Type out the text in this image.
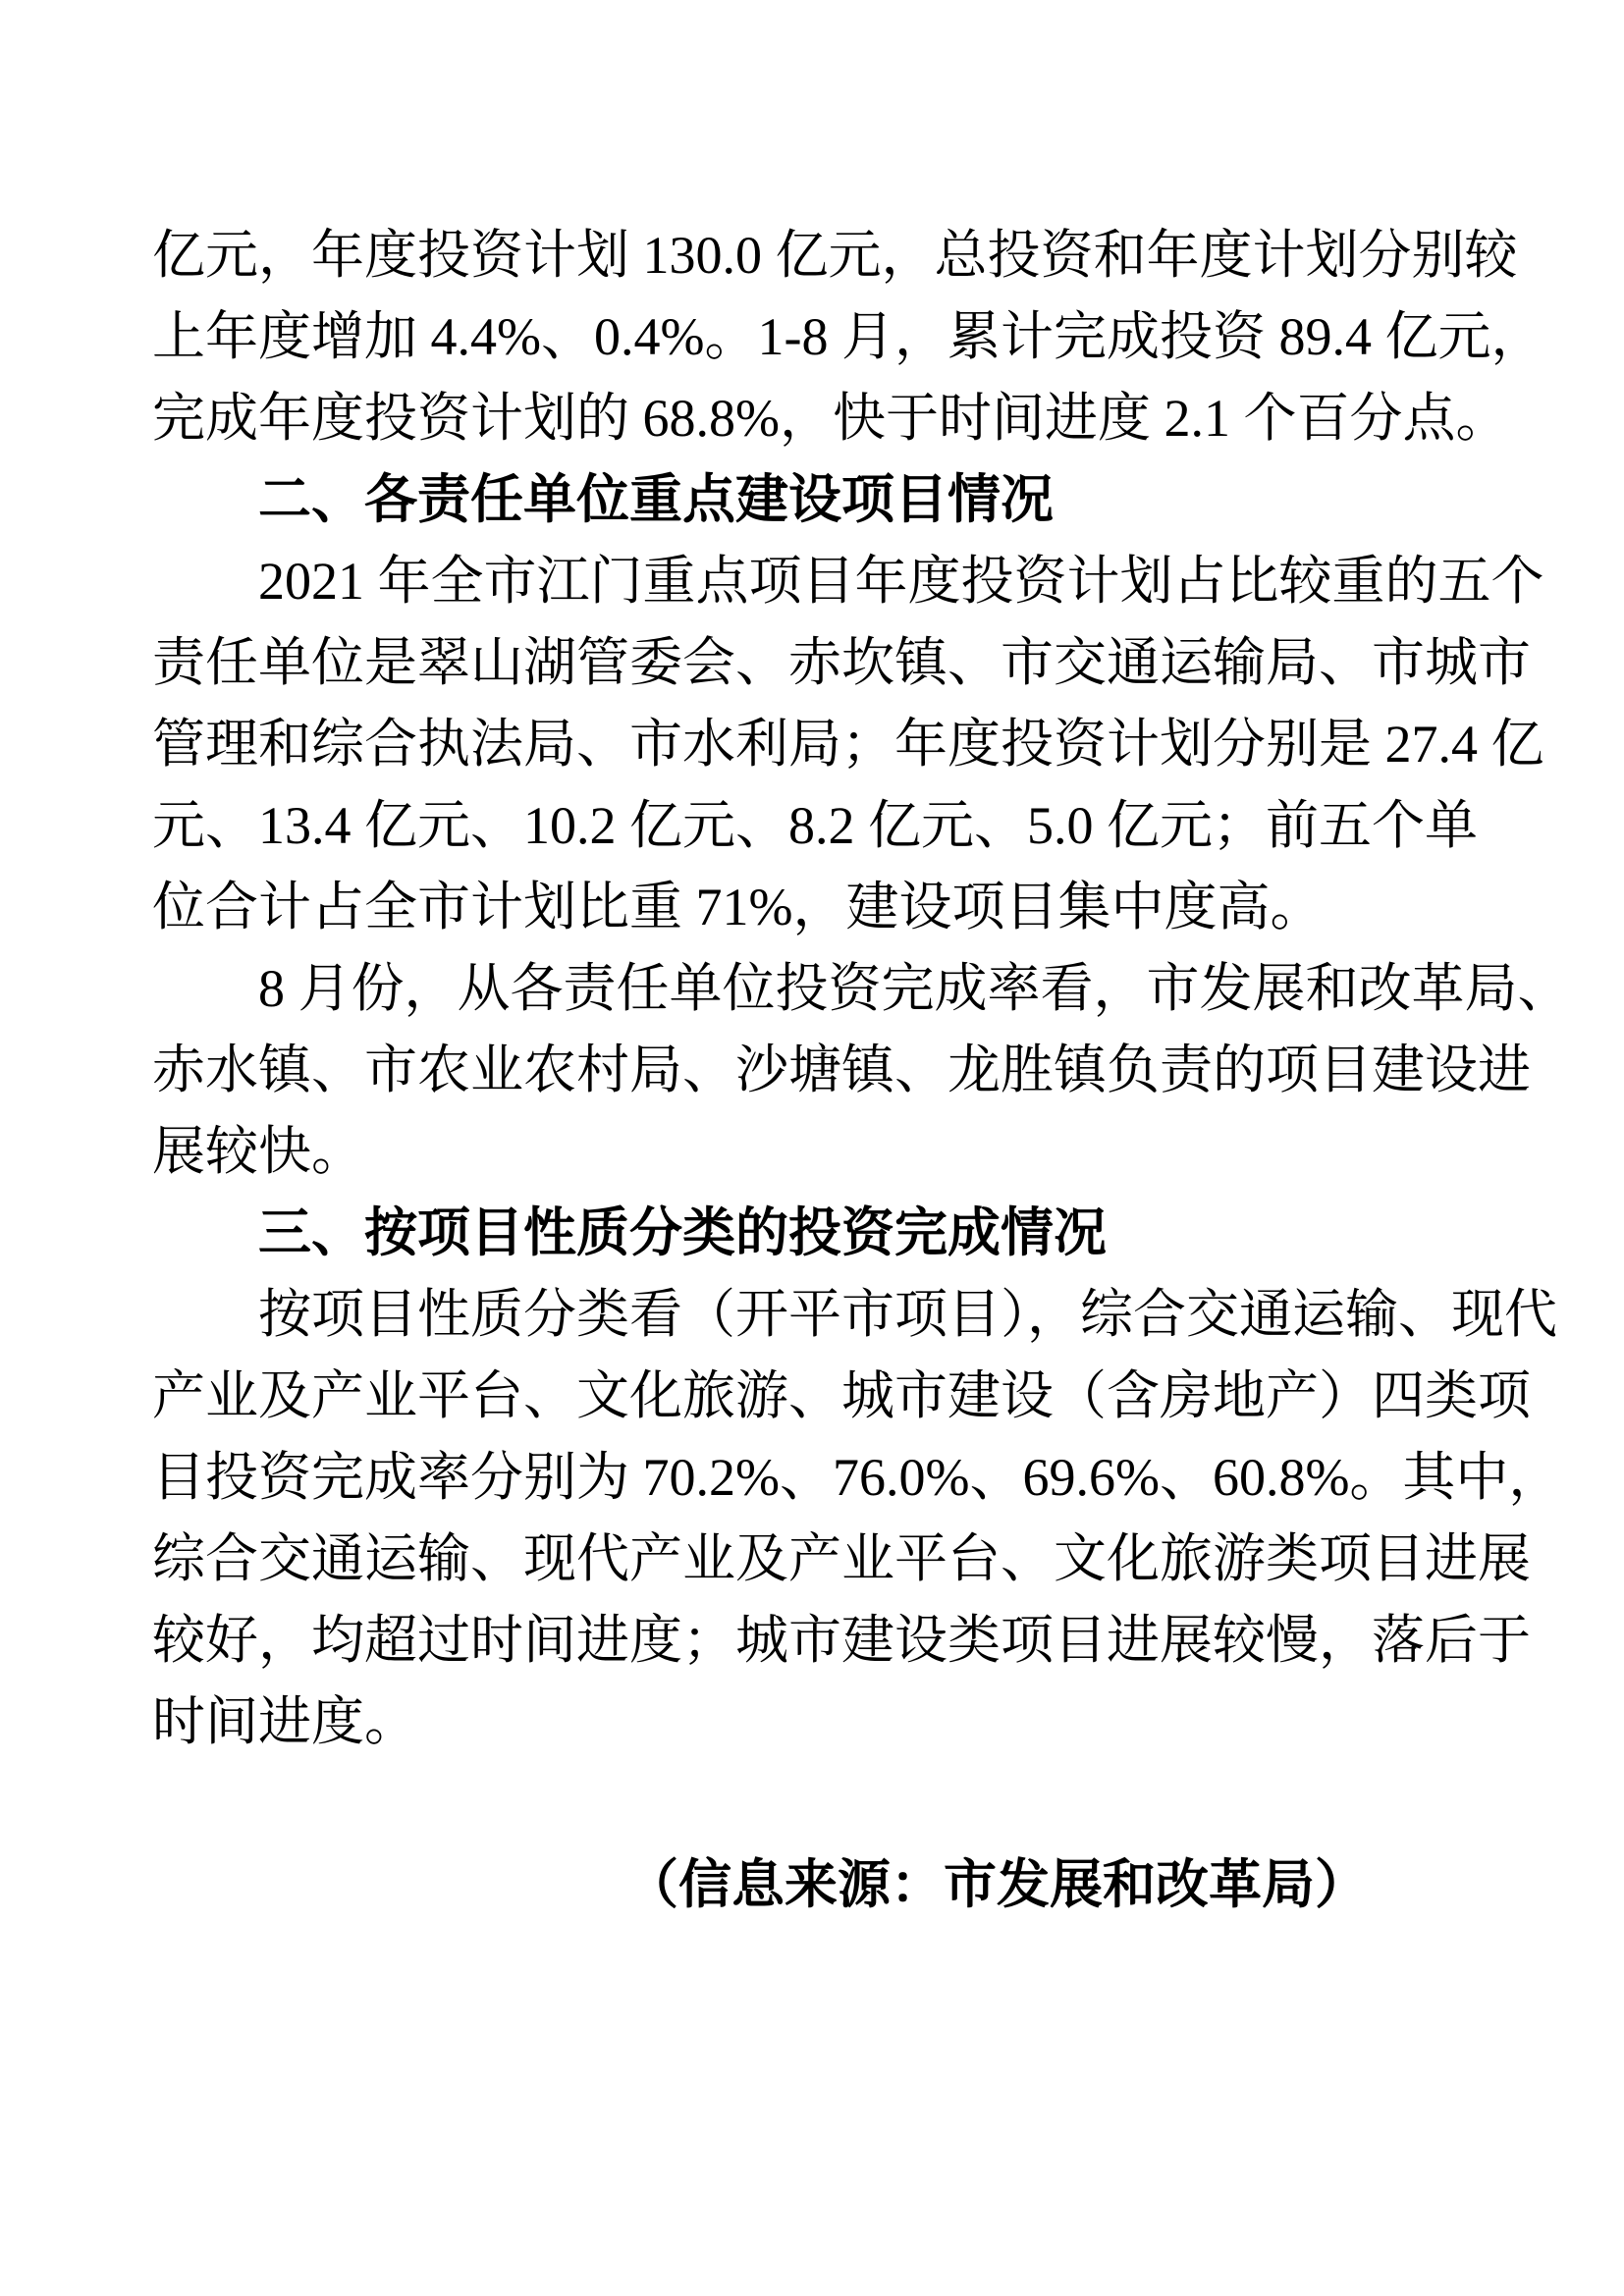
亿元，年度投资计划 130.0 亿元，总投资和年度计划分别较
上年度增加 4.4%、0.4%。1-8 月，累计完成投资 89.4 亿元，
完成年度投资计划的 68.8%，快于时间进度 2.1 个百分点。
二、各责任单位重点建设项目情况
2021 年全市江门重点项目年度投资计划占比较重的五个
责任单位是翠山湖管委会、赤坎镇、市交通运输局、市城市
管理和综合执法局、市水利局；年度投资计划分别是 27.4 亿
元、13.4 亿元、10.2 亿元、8.2 亿元、5.0 亿元；前五个单
位合计占全市计划比重 71%，建设项目集中度高。
8 月份，从各责任单位投资完成率看，市发展和改革局、
赤水镇、市农业农村局、沙塘镇、龙胜镇负责的项目建设进
展较快。
三、按项目性质分类的投资完成情况
按项目性质分类看（开平市项目），综合交通运输、现代
产业及产业平台、文化旅游、城市建设（含房地产）四类项
目投资完成率分别为 70.2%、76.0%、69.6%、60.8%。其中，
综合交通运输、现代产业及产业平台、文化旅游类项目进展
较好，均超过时间进度；城市建设类项目进展较慢，落后于
时间进度。
（信息来源：市发展和改革局）
